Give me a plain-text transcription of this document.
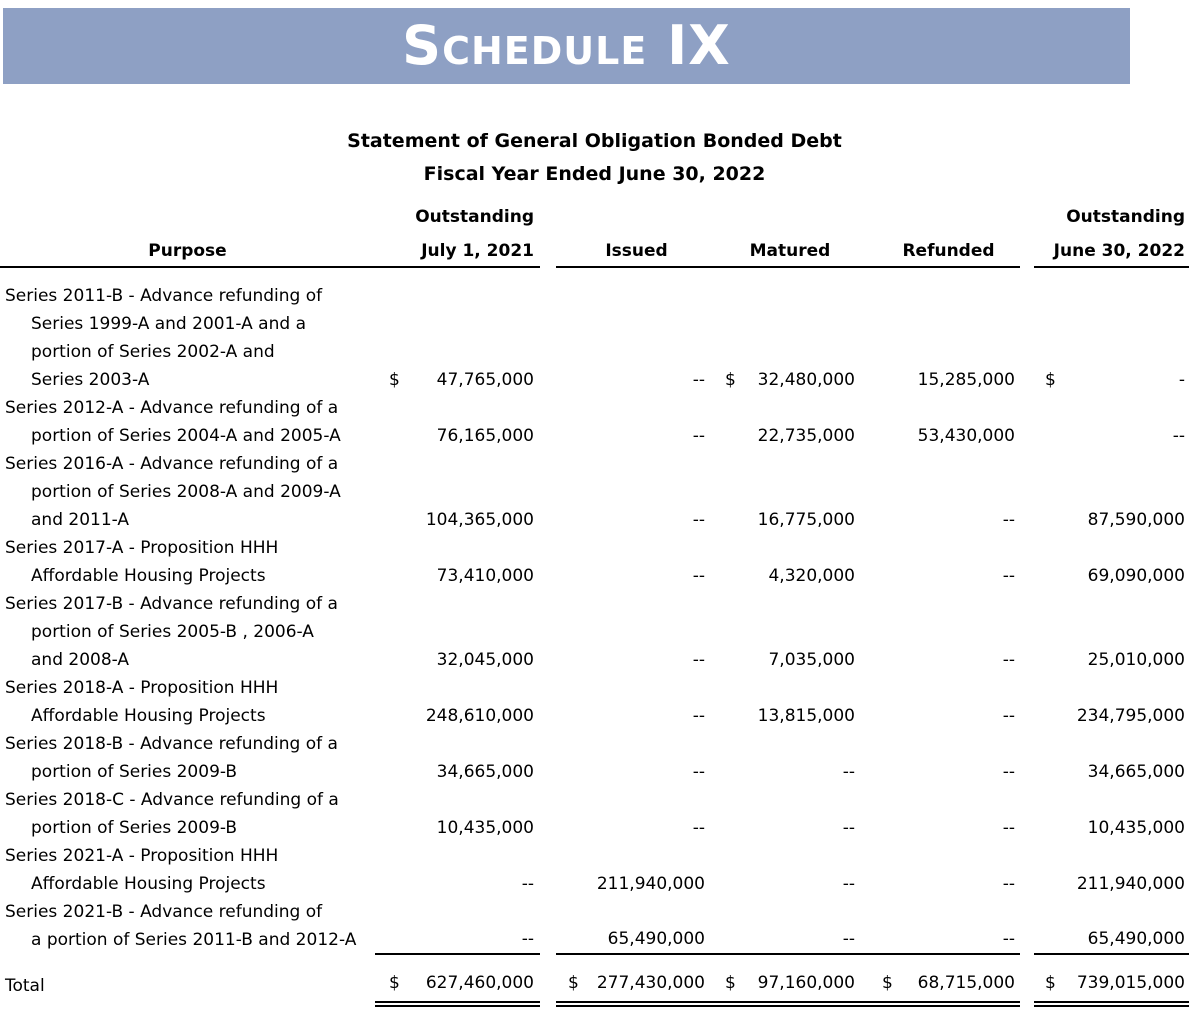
Schedule IX
Statement of General Obligation Bonded Debt
Fiscal Year Ended June 30, 2022
	Outstanding						Outstanding
Purpose	July 1, 2021		Issued	Matured	Refunded		June 30, 2022

Series 2011-B - Advance refunding of
Series 1999-A and 2001-A and a
portion of Series 2002-A and
Series 2003-A	$ 47,765,000		--	$ 32,480,000	15,285,000		$	-

Series 2012-A - Advance refunding of a
portion of Series 2004-A and 2005-A	76,165,000		--	22,735,000	53,430,000		--

Series 2016-A - Advance refunding of a
portion of Series 2008-A and 2009-A
and 2011-A	104,365,000		--	16,775,000	--		87,590,000

Series 2017-A - Proposition HHH
Affordable Housing Projects	73,410,000		--	4,320,000	--		69,090,000

Series 2017-B - Advance refunding of a
portion of Series 2005-B , 2006-A
and 2008-A	32,045,000		--	7,035,000	--		25,010,000

Series 2018-A - Proposition HHH
Affordable Housing Projects	248,610,000		--	13,815,000	--		234,795,000

Series 2018-B - Advance refunding of a
portion of Series 2009-B	34,665,000		--	--	--		34,665,000

Series 2018-C - Advance refunding of a
portion of Series 2009-B	10,435,000		--	--	--		10,435,000

Series 2021-A - Proposition HHH
Affordable Housing Projects	--		211,940,000	--	--		211,940,000

Series 2021-B - Advance refunding of
a portion of Series 2011-B and 2012-A	--		65,490,000	--	--		65,490,000

Total	$ 627,460,000		$ 277,430,000	$ 97,160,000	$ 68,715,000		$ 739,015,000
